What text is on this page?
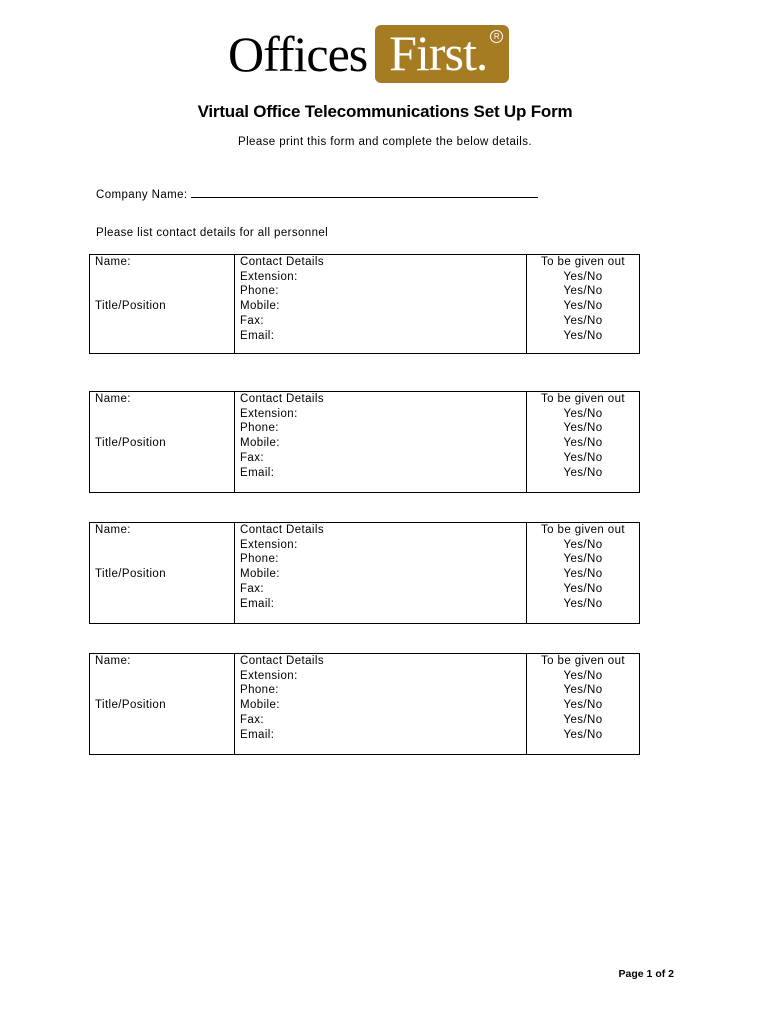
Offices First. R
Virtual Office Telecommunications Set Up Form
Please print this form and complete the below details.
Company Name:
Please list contact details for all personnel
Name:
Title/Position
Contact Details
Extension:
Phone:
Mobile:
Fax:
Email:
To be given out
Yes/No
Yes/No
Yes/No
Yes/No
Yes/No
Name:
Title/Position
Contact Details
Extension:
Phone:
Mobile:
Fax:
Email:
To be given out
Yes/No
Yes/No
Yes/No
Yes/No
Yes/No
Name:
Title/Position
Contact Details
Extension:
Phone:
Mobile:
Fax:
Email:
To be given out
Yes/No
Yes/No
Yes/No
Yes/No
Yes/No
Name:
Title/Position
Contact Details
Extension:
Phone:
Mobile:
Fax:
Email:
To be given out
Yes/No
Yes/No
Yes/No
Yes/No
Yes/No
Page 1 of 2
